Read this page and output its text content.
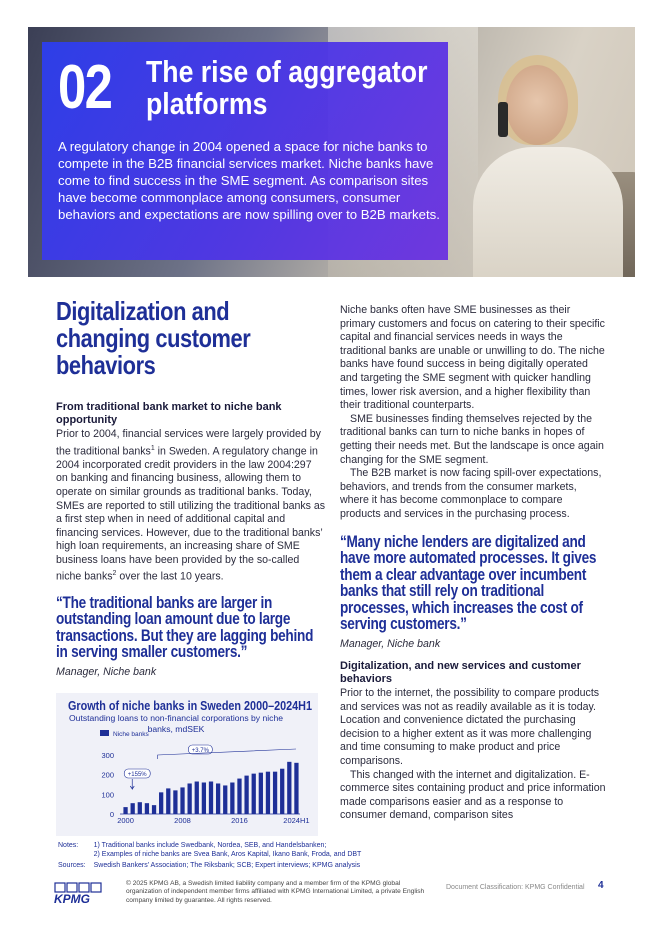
02 The rise of aggregator platforms
A regulatory change in 2004 opened a space for niche banks to compete in the B2B financial services market. Niche banks have come to find success in the SME segment. As comparison sites have become commonplace among consumers, consumer behaviors and expectations are now spilling over to B2B markets.
Digitalization and changing customer behaviors
From traditional bank market to niche bank opportunity
Prior to 2004, financial services were largely provided by the traditional banks$^1$ in Sweden. A regulatory change in 2004 incorporated credit providers in the law 2004:297 on banking and financing business, allowing them to operate on similar grounds as traditional banks. Today, SMEs are reported to still utilizing the traditional banks as a first step when in need of additional capital and financing services. However, due to the traditional banks’ high loan requirements, an increasing share of SME business loans have been provided by the so-called niche banks$^2$ over the last 10 years.
“The traditional banks are larger in outstanding loan amount due to large transactions. But they are lagging behind in serving smaller customers.”
Manager, Niche bank

Niche banks often have SME businesses as their primary customers and focus on catering to their specific capital and financial services needs in ways the traditional banks are unable or unwilling to do. The niche banks have found success in being digitally operated and targeting the SME segment with quicker handling times, lower risk aversion, and a higher flexibility than their traditional counterparts.

SME businesses finding themselves rejected by the traditional banks can turn to niche banks in hopes of getting their needs met. But the landscape is once again changing for the SME segment.

The B2B market is now facing spill-over expectations, behaviors, and trends from the consumer markets, where it has become commonplace to compare products and services in the purchasing process.

“Many niche lenders are digitalized and have more automated processes. It gives them a clear advantage over incumbent banks that still rely on traditional processes, which increases the cost of serving customers.”
Manager, Niche bank
Digitalization, and new services and customer behaviors

Prior to the internet, the possibility to compare products and services was not as readily available as it is today. Location and convenience dictated the purchasing decision to a higher extent as it was more challenging and time consuming to make product and price comparisons.

This changed with the internet and digitalization. E-commerce sites containing product and price information made comparisons easier and as a response to consumer demand, comparison sites

Growth of niche banks in Sweden 2000–2024H1
Outstanding loans to non-financial corporations by niche banks, mdSEK
Niche banks
0
100
200
300
2000	2008	2016	2024H1
+155%
+3.7%
Notes:	1) Traditional banks include Swedbank, Nordea, SEB, and Handelsbanken;
2) Examples of niche banks are Svea Bank, Aros Kapital, Ikano Bank, Froda, and DBT

Sources:	Swedish Bankers’ Association; The Riksbank; SCB; Expert interviews; KPMG analysis
KPMG
© 2025 KPMG AB, a Swedish limited liability company and a member firm of the KPMG global organization of independent member firms affiliated with KPMG International Limited, a private English company limited by guarantee. All rights reserved.
Document Classification: KPMG Confidential 4
